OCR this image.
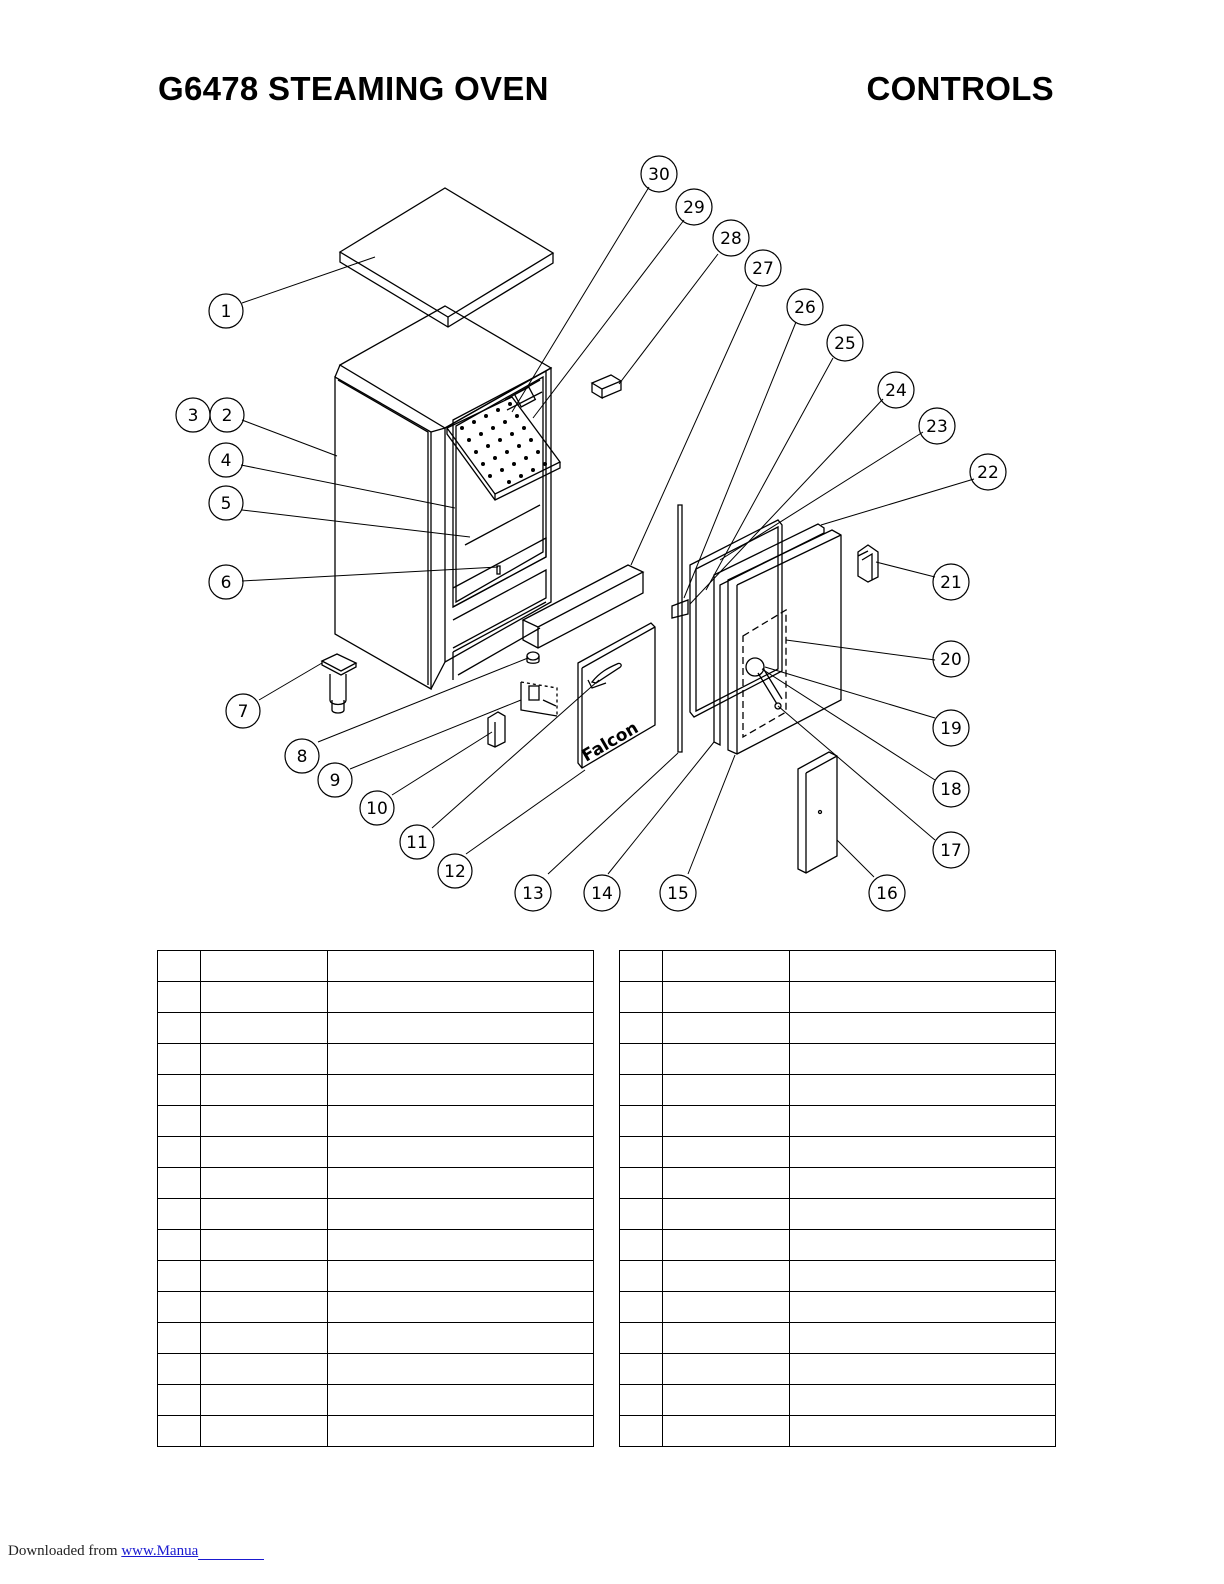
G6478 STEAMING OVEN	CONTROLS
Falcon
1
2
3
4
5
6
7
8
9
10
11
12
13	14	15	16
17
18
19
20
21
22
23
24
25
26
27
28
29
30

Downloaded from www.Manua
